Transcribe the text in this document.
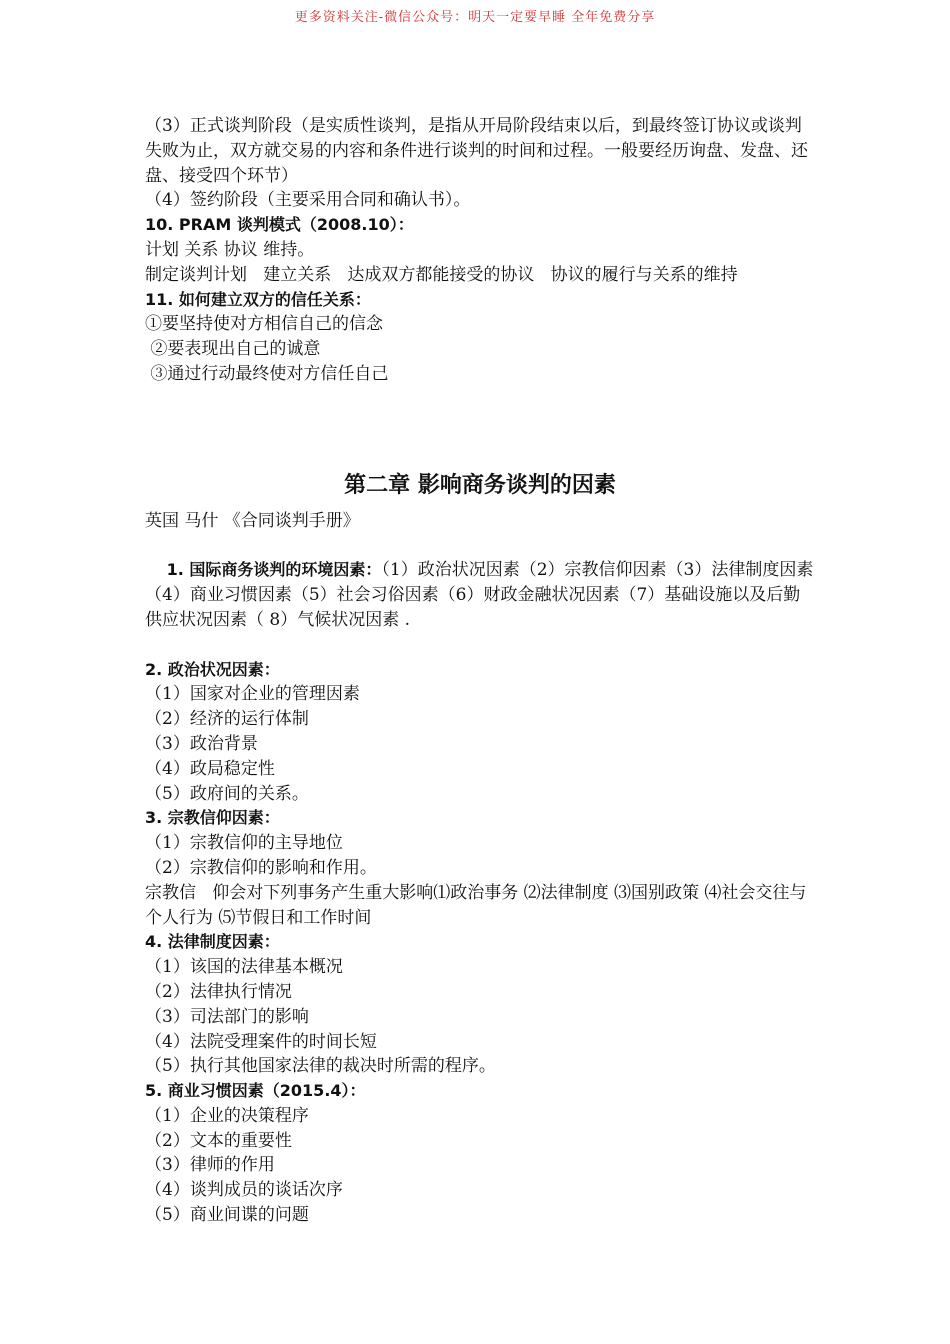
更多资料关注-微信公众号：明天一定要早睡 全年免费分享
（3）正式谈判阶段（是实质性谈判，是指从开局阶段结束以后，到最终签订协议或谈判失败为止，双方就交易的内容和条件进行谈判的时间和过程。一般要经历询盘、发盘、还盘、接受四个环节）
（4）签约阶段（主要采用合同和确认书）。
10. PRAM 谈判模式（2008.10）：
计划 关系 协议 维持。
制定谈判计划   建立关系   达成双方都能接受的协议   协议的履行与关系的维持
11. 如何建立双方的信任关系：
①要坚持使对方相信自己的信念
②要表现出自己的诚意
③通过行动最终使对方信任自己
第二章 影响商务谈判的因素
英国 马什 《合同谈判手册》

1. 国际商务谈判的环境因素：（1）政治状况因素（2）宗教信仰因素（3）法律制度因素（4）商业习惯因素（5）社会习俗因素（6）财政金融状况因素（7）基础设施以及后勤供应状况因素（ 8）气候状况因素 .

2. 政治状况因素：
（1）国家对企业的管理因素
（2）经济的运行体制
（3）政治背景
（4）政局稳定性
（5）政府间的关系。
3. 宗教信仰因素：
（1）宗教信仰的主导地位
（2）宗教信仰的影响和作用。
宗教信   仰会对下列事务产生重大影响⑴政治事务 ⑵法律制度 ⑶国别政策 ⑷社会交往与个人行为 ⑸节假日和工作时间
4. 法律制度因素：
（1）该国的法律基本概况
（2）法律执行情况
（3）司法部门的影响
（4）法院受理案件的时间长短
（5）执行其他国家法律的裁决时所需的程序。
5. 商业习惯因素（2015.4）：
（1）企业的决策程序
（2）文本的重要性
（3）律师的作用
（4）谈判成员的谈话次序
（5）商业间谍的问题
